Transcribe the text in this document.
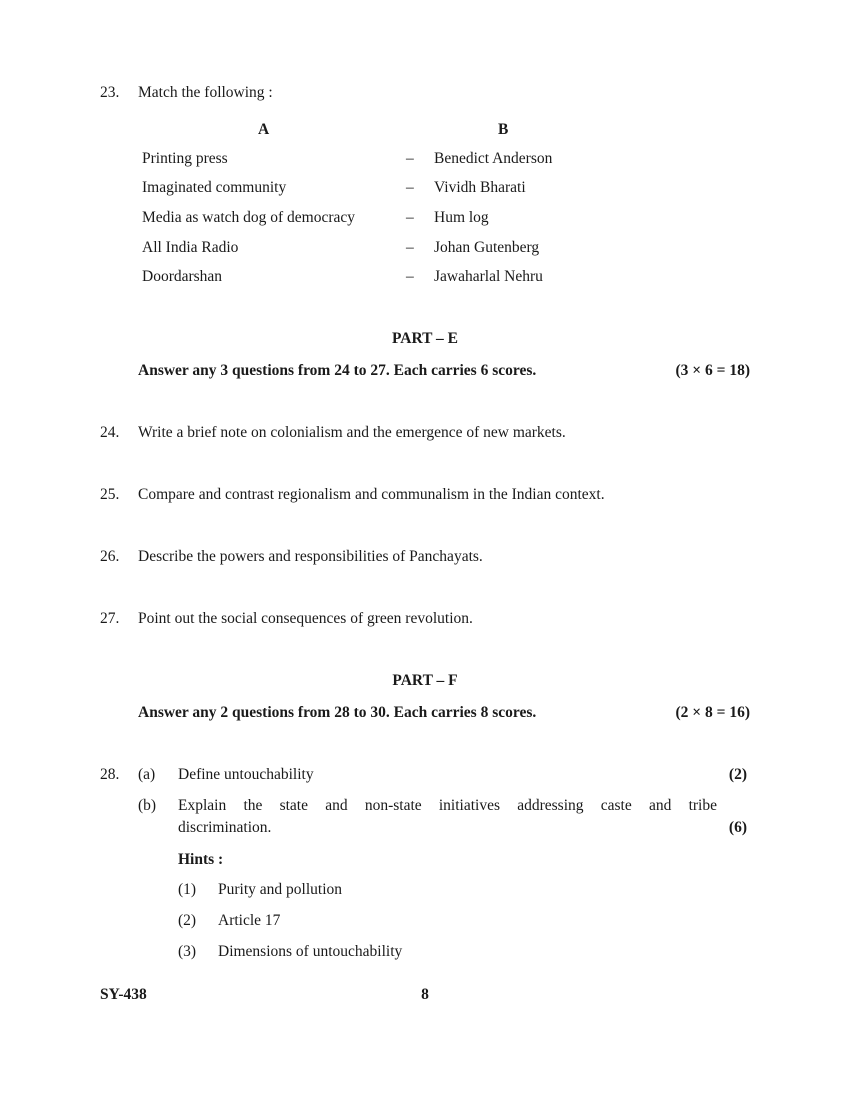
23. Match the following :
A	B
Printing press	– Benedict Anderson
Imaginated community	– Vividh Bharati
Media as watch dog of democracy	– Hum log
All India Radio	– Johan Gutenberg
Doordarshan	– Jawaharlal Nehru
PART – E
Answer any 3 questions from 24 to 27. Each carries 6 scores.	(3 × 6 = 18)
24. Write a brief note on colonialism and the emergence of new markets.
25. Compare and contrast regionalism and communalism in the Indian context.
26. Describe the powers and responsibilities of Panchayats.
27. Point out the social consequences of green revolution.
PART – F
Answer any 2 questions from 28 to 30. Each carries 8 scores.	(2 × 8 = 16)
28. (a) Define untouchability	(2)
(b) Explain the state and non-state initiatives addressing caste and tribe
discrimination.	(6)
Hints :
(1) Purity and pollution
(2) Article 17
(3) Dimensions of untouchability
SY-438	8
